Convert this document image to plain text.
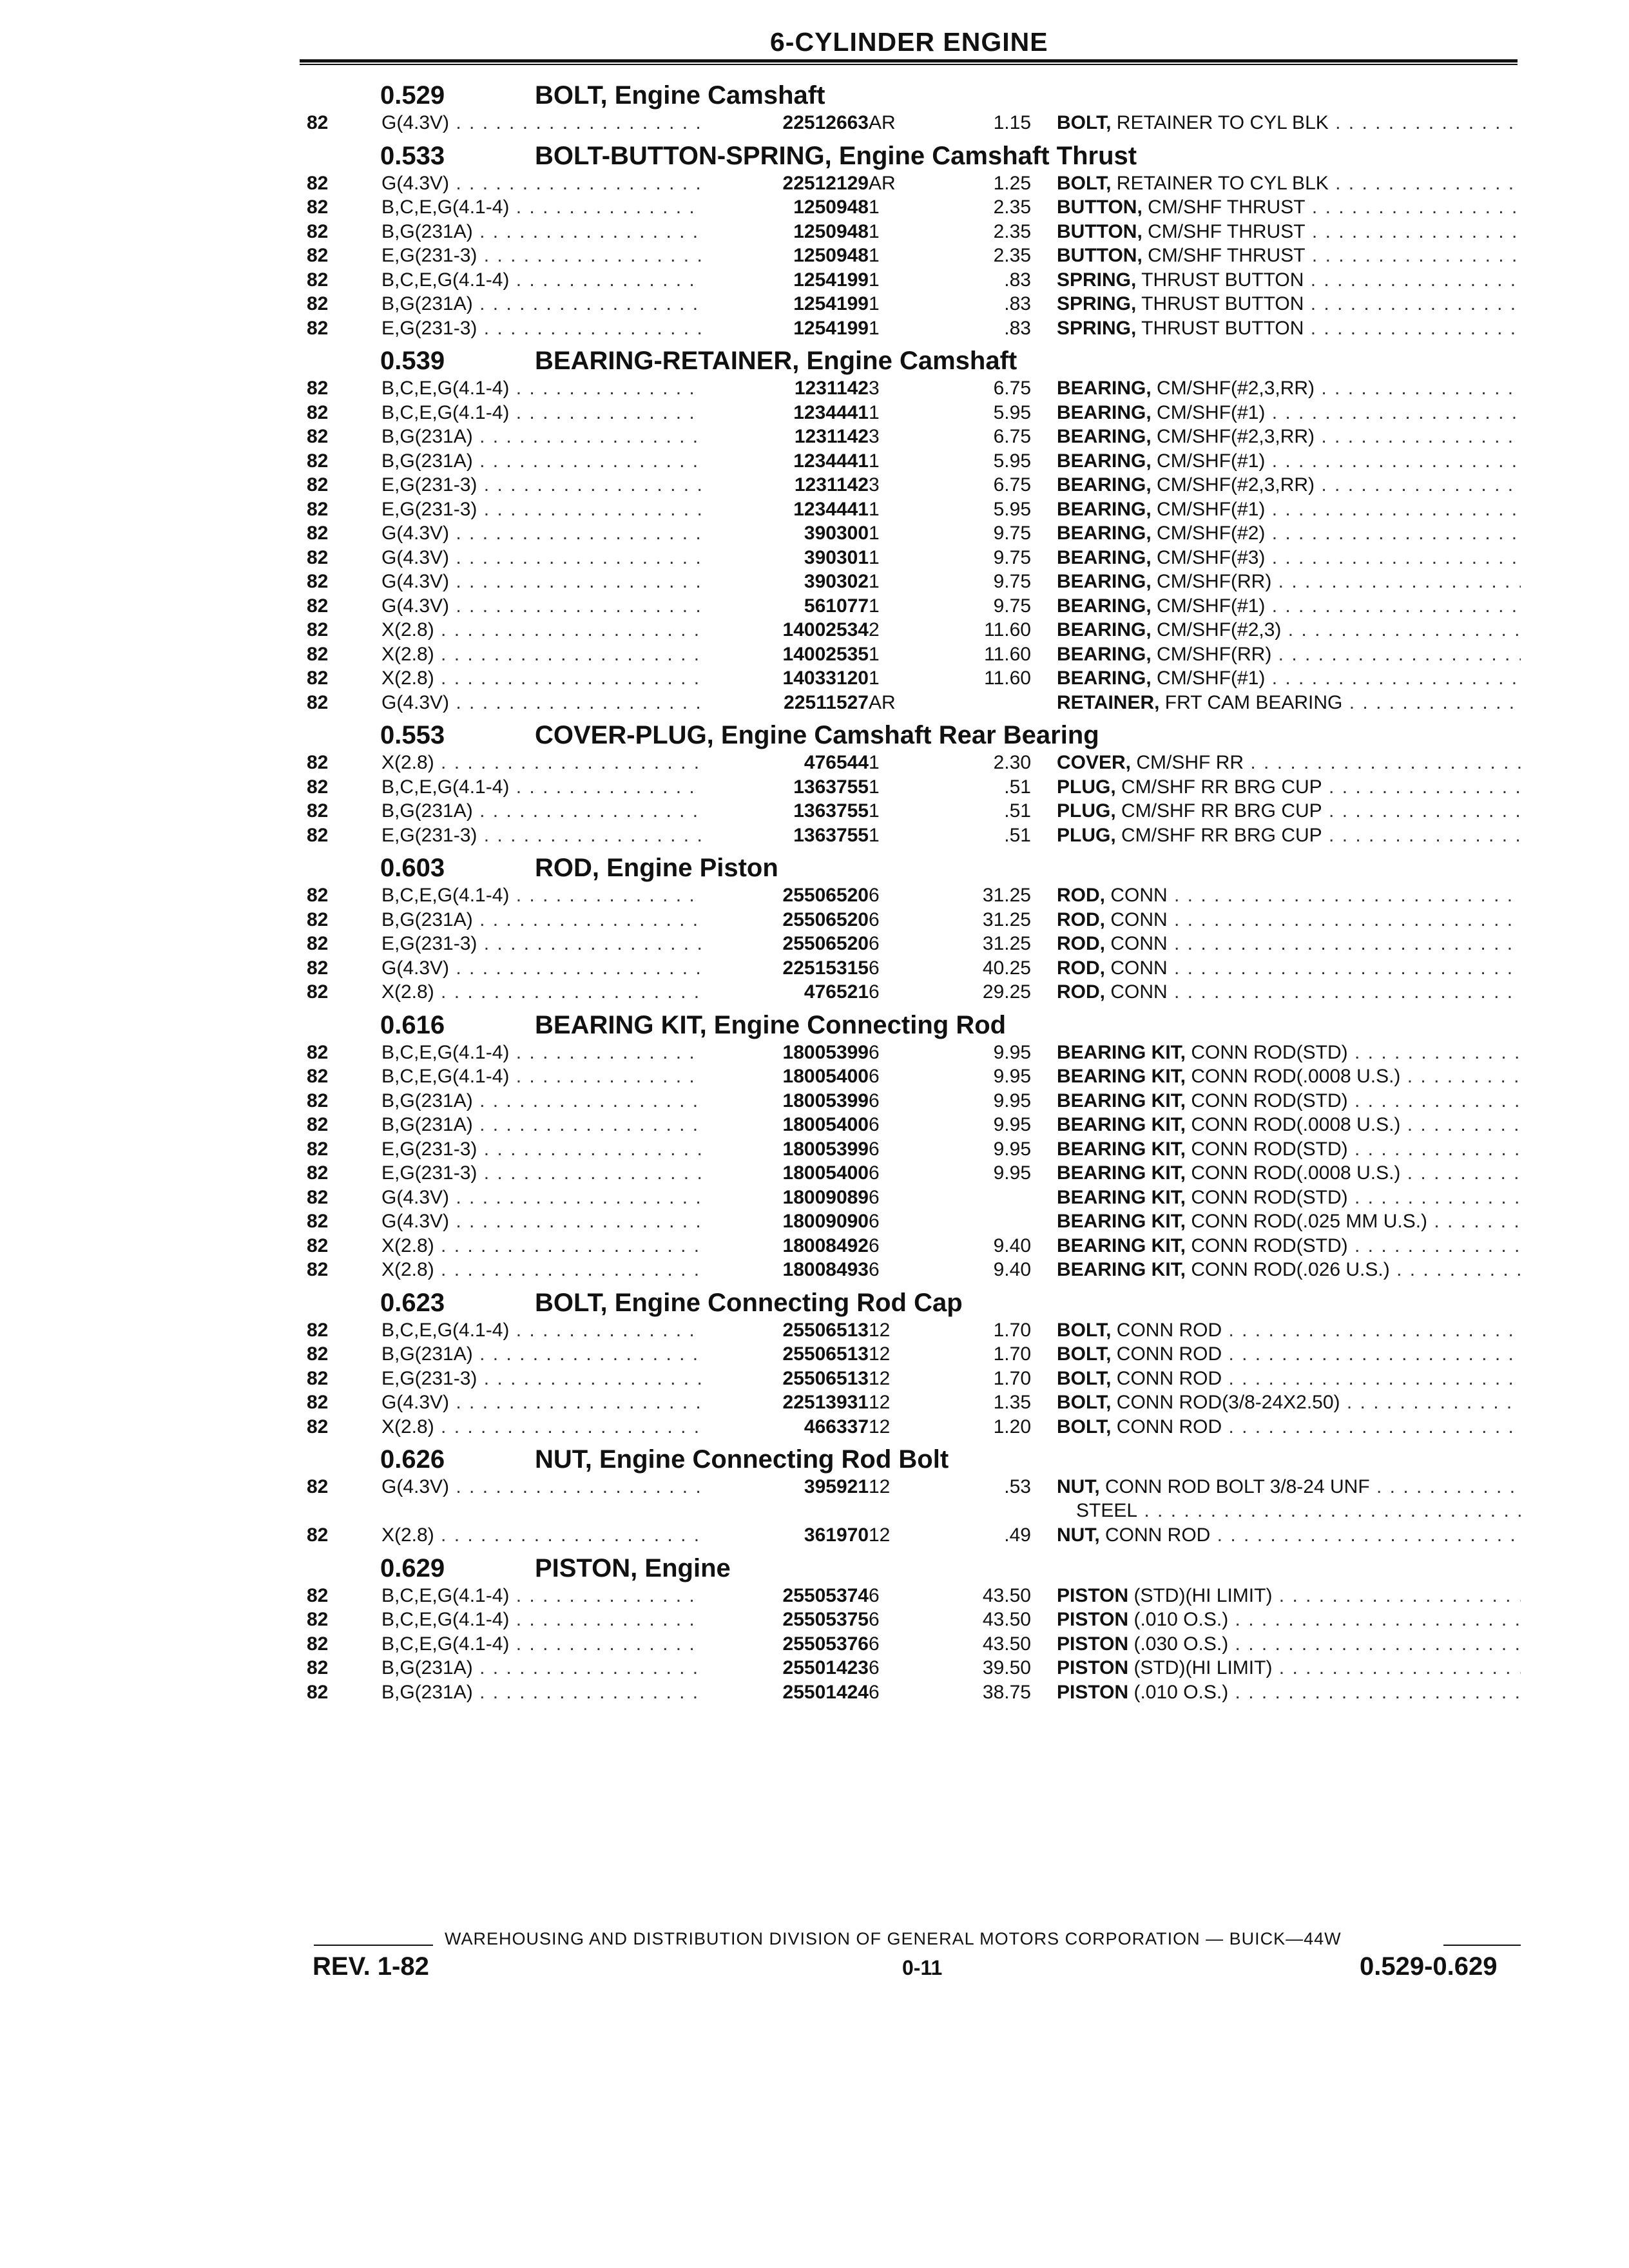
6-CYLINDER ENGINE
0.529	BOLT, Engine Camshaft
82	G(4.3V) . . .	22512663 AR	1.15 BOLT, RETAINER TO CYL BLK . . .
0.533	BOLT-BUTTON-SPRING, Engine Camshaft Thrust
82	G(4.3V) . . .	22512129 AR	1.25 BOLT, RETAINER TO CYL BLK . . .
82	B,C,E,G(4.1-4) . . .	1250948 1	2.35 BUTTON, CM/SHF THRUST . . .
82	B,G(231A) . . .	1250948 1	2.35 BUTTON, CM/SHF THRUST . . .
82	E,G(231-3) . . .	1250948 1	2.35 BUTTON, CM/SHF THRUST . . .
82	B,C,E,G(4.1-4) . . .	1254199 1	.83 SPRING, THRUST BUTTON . . .
82	B,G(231A) . . .	1254199 1	.83 SPRING, THRUST BUTTON . . .
82	E,G(231-3) . . .	1254199 1	.83 SPRING, THRUST BUTTON . . .
0.539	BEARING-RETAINER, Engine Camshaft
82	B,C,E,G(4.1-4) . . .	1231142 3	6.75 BEARING, CM/SHF(#2,3,RR) . . .
82	B,C,E,G(4.1-4) . . .	1234441 1	5.95 BEARING, CM/SHF(#1) . . .
82	B,G(231A) . . .	1231142 3	6.75 BEARING, CM/SHF(#2,3,RR) . . .
82	B,G(231A) . . .	1234441 1	5.95 BEARING, CM/SHF(#1) . . .
82	E,G(231-3) . . .	1231142 3	6.75 BEARING, CM/SHF(#2,3,RR) . . .
82	E,G(231-3) . . .	1234441 1	5.95 BEARING, CM/SHF(#1) . . .
82	G(4.3V) . . .	390300 1	9.75 BEARING, CM/SHF(#2) . . .
82	G(4.3V) . . .	390301 1	9.75 BEARING, CM/SHF(#3) . . .
82	G(4.3V) . . .	390302 1	9.75 BEARING, CM/SHF(RR) . . .
82	G(4.3V) . . .	561077 1	9.75 BEARING, CM/SHF(#1) . . .
82	X(2.8) . . .	14002534 2	11.60 BEARING, CM/SHF(#2,3) . . .
82	X(2.8) . . .	14002535 1	11.60 BEARING, CM/SHF(RR) . . .
82	X(2.8) . . .	14033120 1	11.60 BEARING, CM/SHF(#1) . . .
82	G(4.3V) . . .	22511527 AR	RETAINER, FRT CAM BEARING . . .
0.553	COVER-PLUG, Engine Camshaft Rear Bearing
82	X(2.8) . . .	476544 1	2.30 COVER, CM/SHF RR . . .
82	B,C,E,G(4.1-4) . . .	1363755 1	.51 PLUG, CM/SHF RR BRG CUP . . .
82	B,G(231A) . . .	1363755 1	.51 PLUG, CM/SHF RR BRG CUP . . .
82	E,G(231-3) . . .	1363755 1	.51 PLUG, CM/SHF RR BRG CUP . . .
0.603	ROD, Engine Piston
82	B,C,E,G(4.1-4) . . .	25506520 6	31.25 ROD, CONN . . .
82	B,G(231A) . . .	25506520 6	31.25 ROD, CONN . . .
82	E,G(231-3) . . .	25506520 6	31.25 ROD, CONN . . .
82	G(4.3V) . . .	22515315 6	40.25 ROD, CONN . . .
82	X(2.8) . . .	476521 6	29.25 ROD, CONN . . .
0.616	BEARING KIT, Engine Connecting Rod
82	B,C,E,G(4.1-4) . . .	18005399 6	9.95 BEARING KIT, CONN ROD(STD) . . .
82	B,C,E,G(4.1-4) . . .	18005400 6	9.95 BEARING KIT, CONN ROD(.0008 U.S.) . . .
82	B,G(231A) . . .	18005399 6	9.95 BEARING KIT, CONN ROD(STD) . . .
82	B,G(231A) . . .	18005400 6	9.95 BEARING KIT, CONN ROD(.0008 U.S.) . . .
82	E,G(231-3) . . .	18005399 6	9.95 BEARING KIT, CONN ROD(STD) . . .
82	E,G(231-3) . . .	18005400 6	9.95 BEARING KIT, CONN ROD(.0008 U.S.) . . .
82	G(4.3V) . . .	18009089 6	BEARING KIT, CONN ROD(STD) . . .
82	G(4.3V) . . .	18009090 6	BEARING KIT, CONN ROD(.025 MM U.S.) . . .
82	X(2.8) . . .	18008492 6	9.40 BEARING KIT, CONN ROD(STD) . . .
82	X(2.8) . . .	18008493 6	9.40 BEARING KIT, CONN ROD(.026 U.S.) . . .
0.623	BOLT, Engine Connecting Rod Cap
82	B,C,E,G(4.1-4) . . .	25506513 12	1.70 BOLT, CONN ROD . . .
82	B,G(231A) . . .	25506513 12	1.70 BOLT, CONN ROD . . .
82	E,G(231-3) . . .	25506513 12	1.70 BOLT, CONN ROD . . .
82	G(4.3V) . . .	22513931 12	1.35 BOLT, CONN ROD(3/8-24X2.50) . . .
82	X(2.8) . . .	466337 12	1.20 BOLT, CONN ROD . . .
0.626	NUT, Engine Connecting Rod Bolt
82	G(4.3V) . . .	395921 12	.53 NUT, CONN ROD BOLT 3/8-24 UNF . . .
STEEL . . .
82	X(2.8) . . .	361970 12	.49 NUT, CONN ROD . . .
0.629	PISTON, Engine
82	B,C,E,G(4.1-4) . . .	25505374 6	43.50 PISTON (STD)(HI LIMIT) . . .
82	B,C,E,G(4.1-4) . . .	25505375 6	43.50 PISTON (.010 O.S.) . . .
82	B,C,E,G(4.1-4) . . .	25505376 6	43.50 PISTON (.030 O.S.) . . .
82	B,G(231A) . . .	25501423 6	39.50 PISTON (STD)(HI LIMIT) . . .
82	B,G(231A) . . .	25501424 6	38.75 PISTON (.010 O.S.) . . .
WAREHOUSING AND DISTRIBUTION DIVISION OF GENERAL MOTORS CORPORATION — BUICK—44W
REV. 1-82	0-11	0.529-0.629
